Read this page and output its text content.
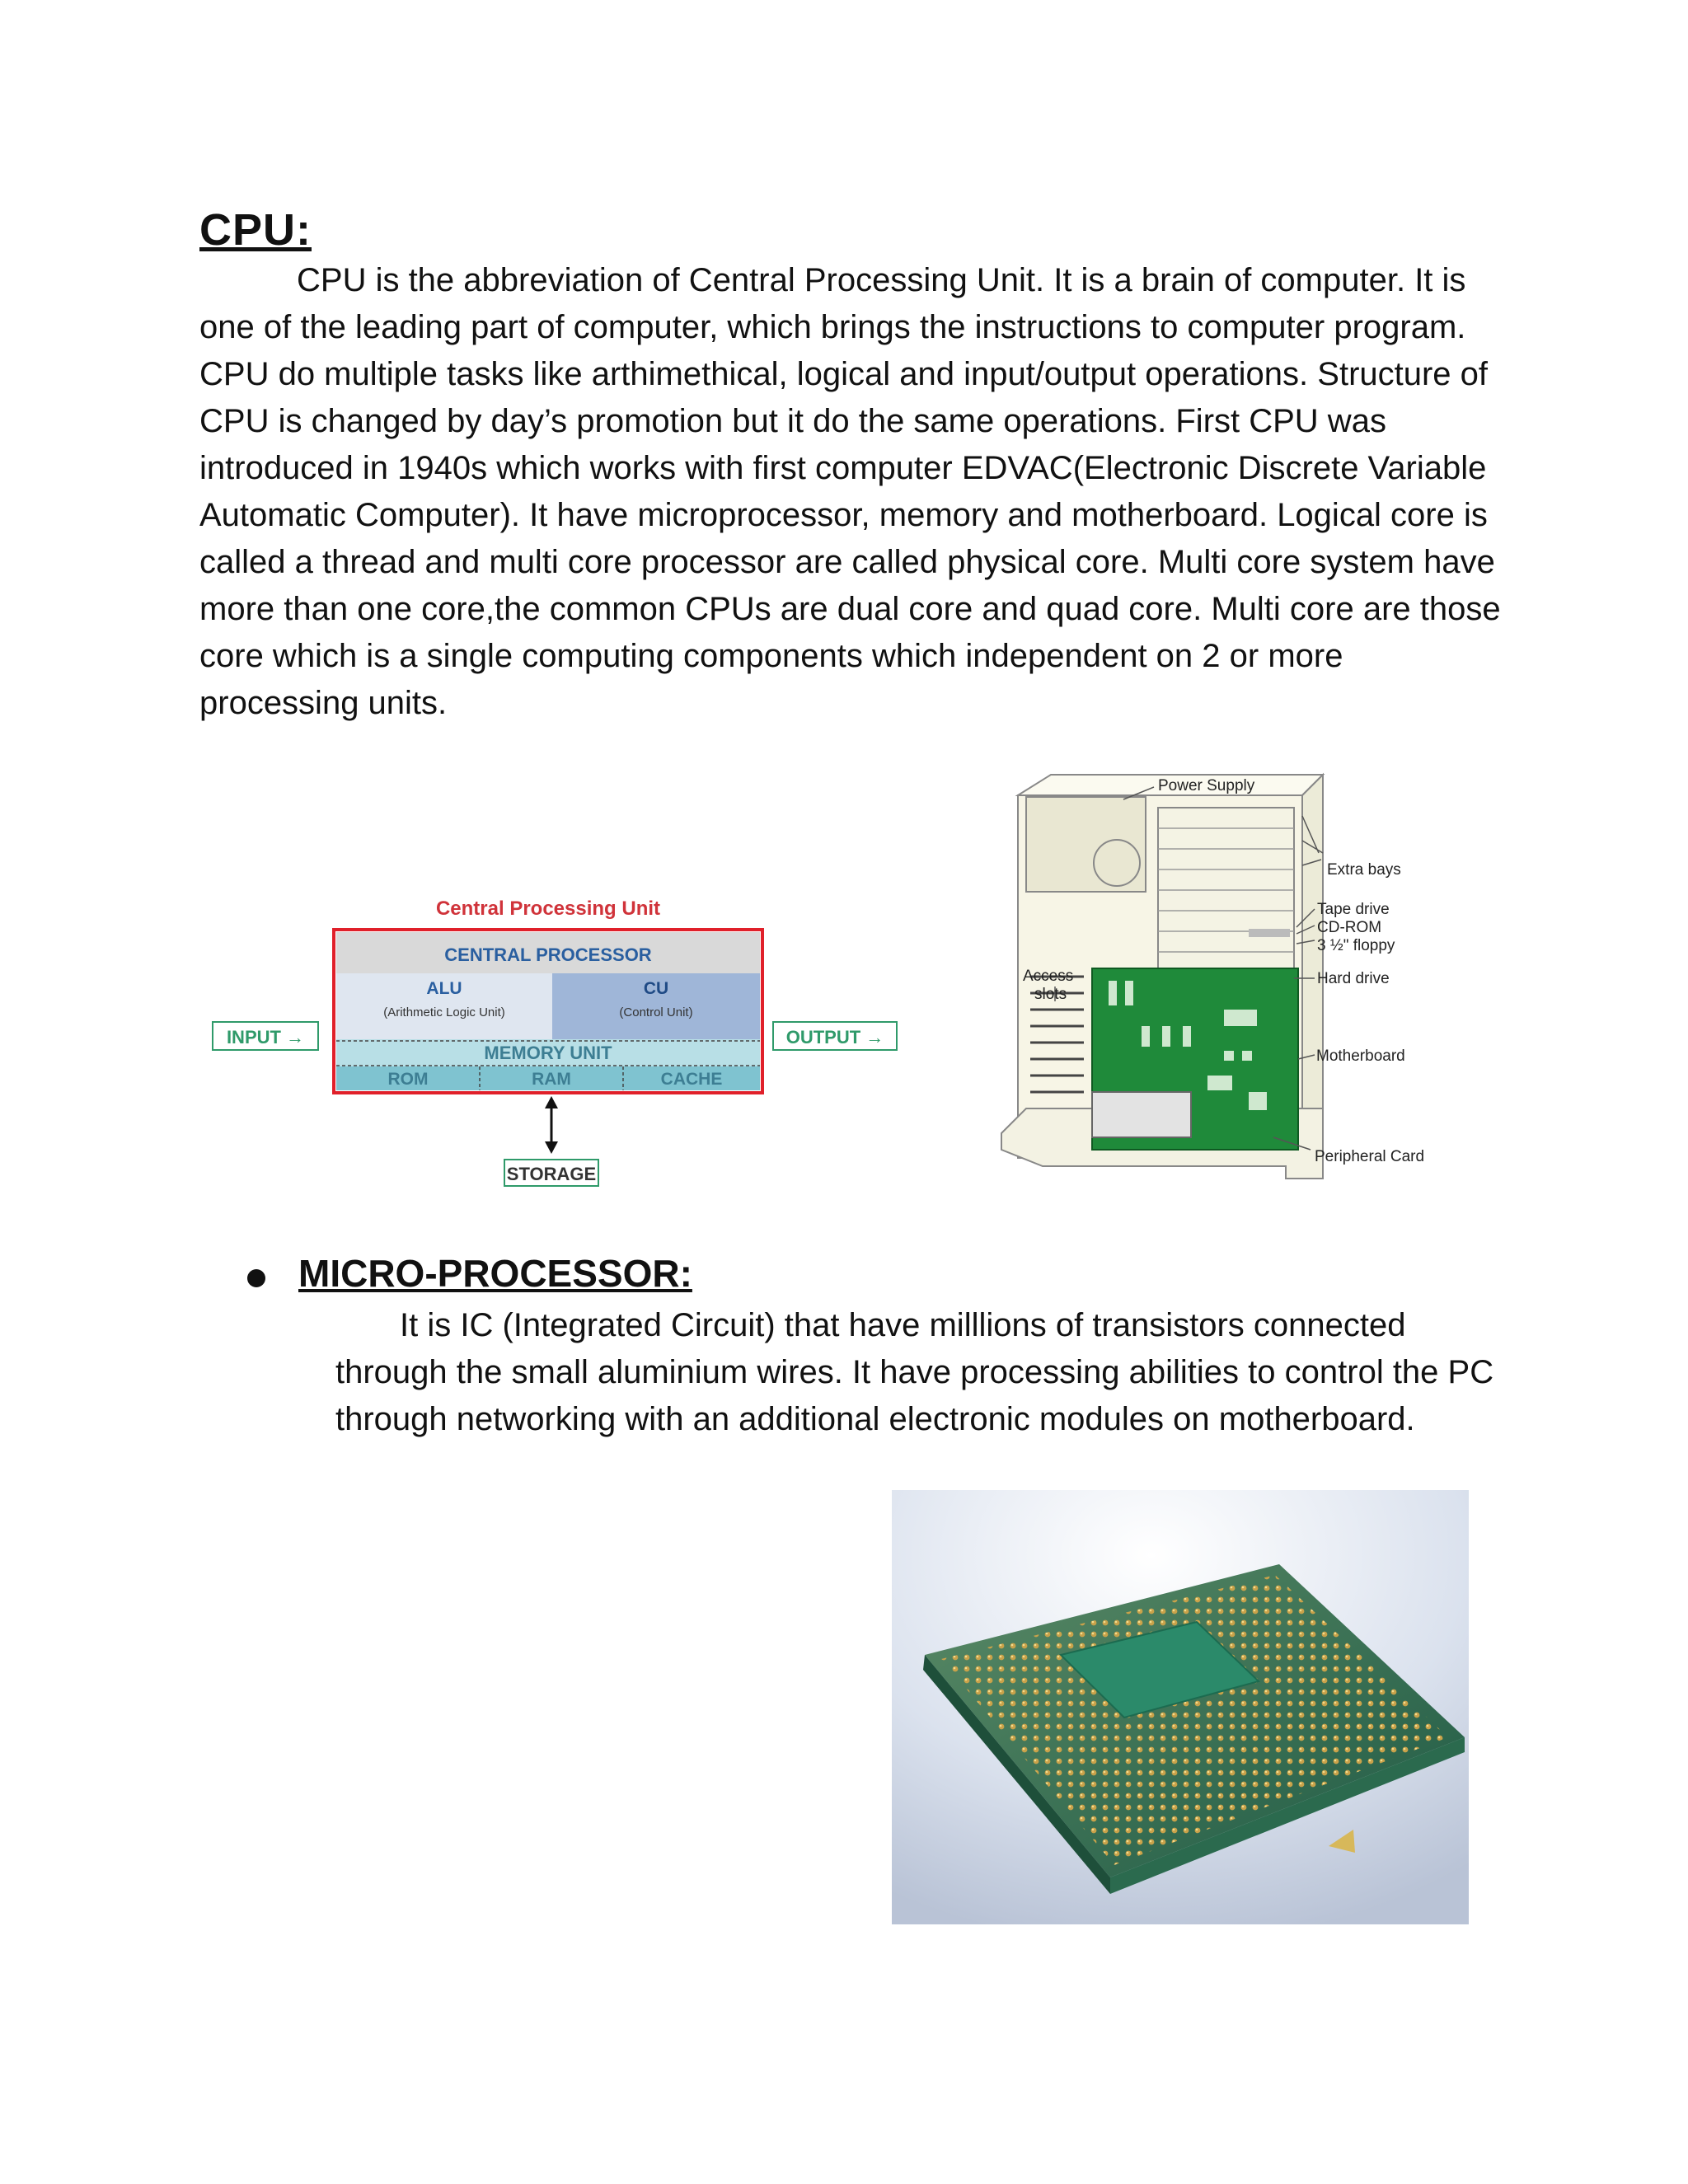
CPU:

CPU is the abbreviation of Central Processing Unit. It is a brain of computer. It is one of the leading part of computer, which brings the instructions to computer program. CPU do multiple tasks like arthimethical, logical and input/output operations. Structure of CPU is changed by day’s promotion but it do the same operations. First CPU was introduced in 1940s which works with first computer EDVAC(Electronic Discrete Variable Automatic Computer). It have microprocessor, memory and motherboard. Logical core is called a thread and multi core processor are called physical core. Multi core system have more than one core,the common CPUs are dual core and quad core. Multi core are those core which is a single computing components which independent on 2 or more processing units.

Central Processing Unit
CENTRAL PROCESSOR
ALU
(Arithmetic Logic Unit)
CU
(Control Unit)
MEMORY UNIT
ROM	RAM	CACHE
INPUT →	OUTPUT →
STORAGE
Power Supply
Extra bays
Tape drive
CD-ROM
3 ½" floppy
Access
slots
Hard drive
Motherboard
Peripheral Card
MICRO-PROCESSOR:

It is IC (Integrated Circuit) that have milllions of transistors connected through the small aluminium wires. It have processing abilities to control the PC through networking with an additional electronic modules on motherboard.
